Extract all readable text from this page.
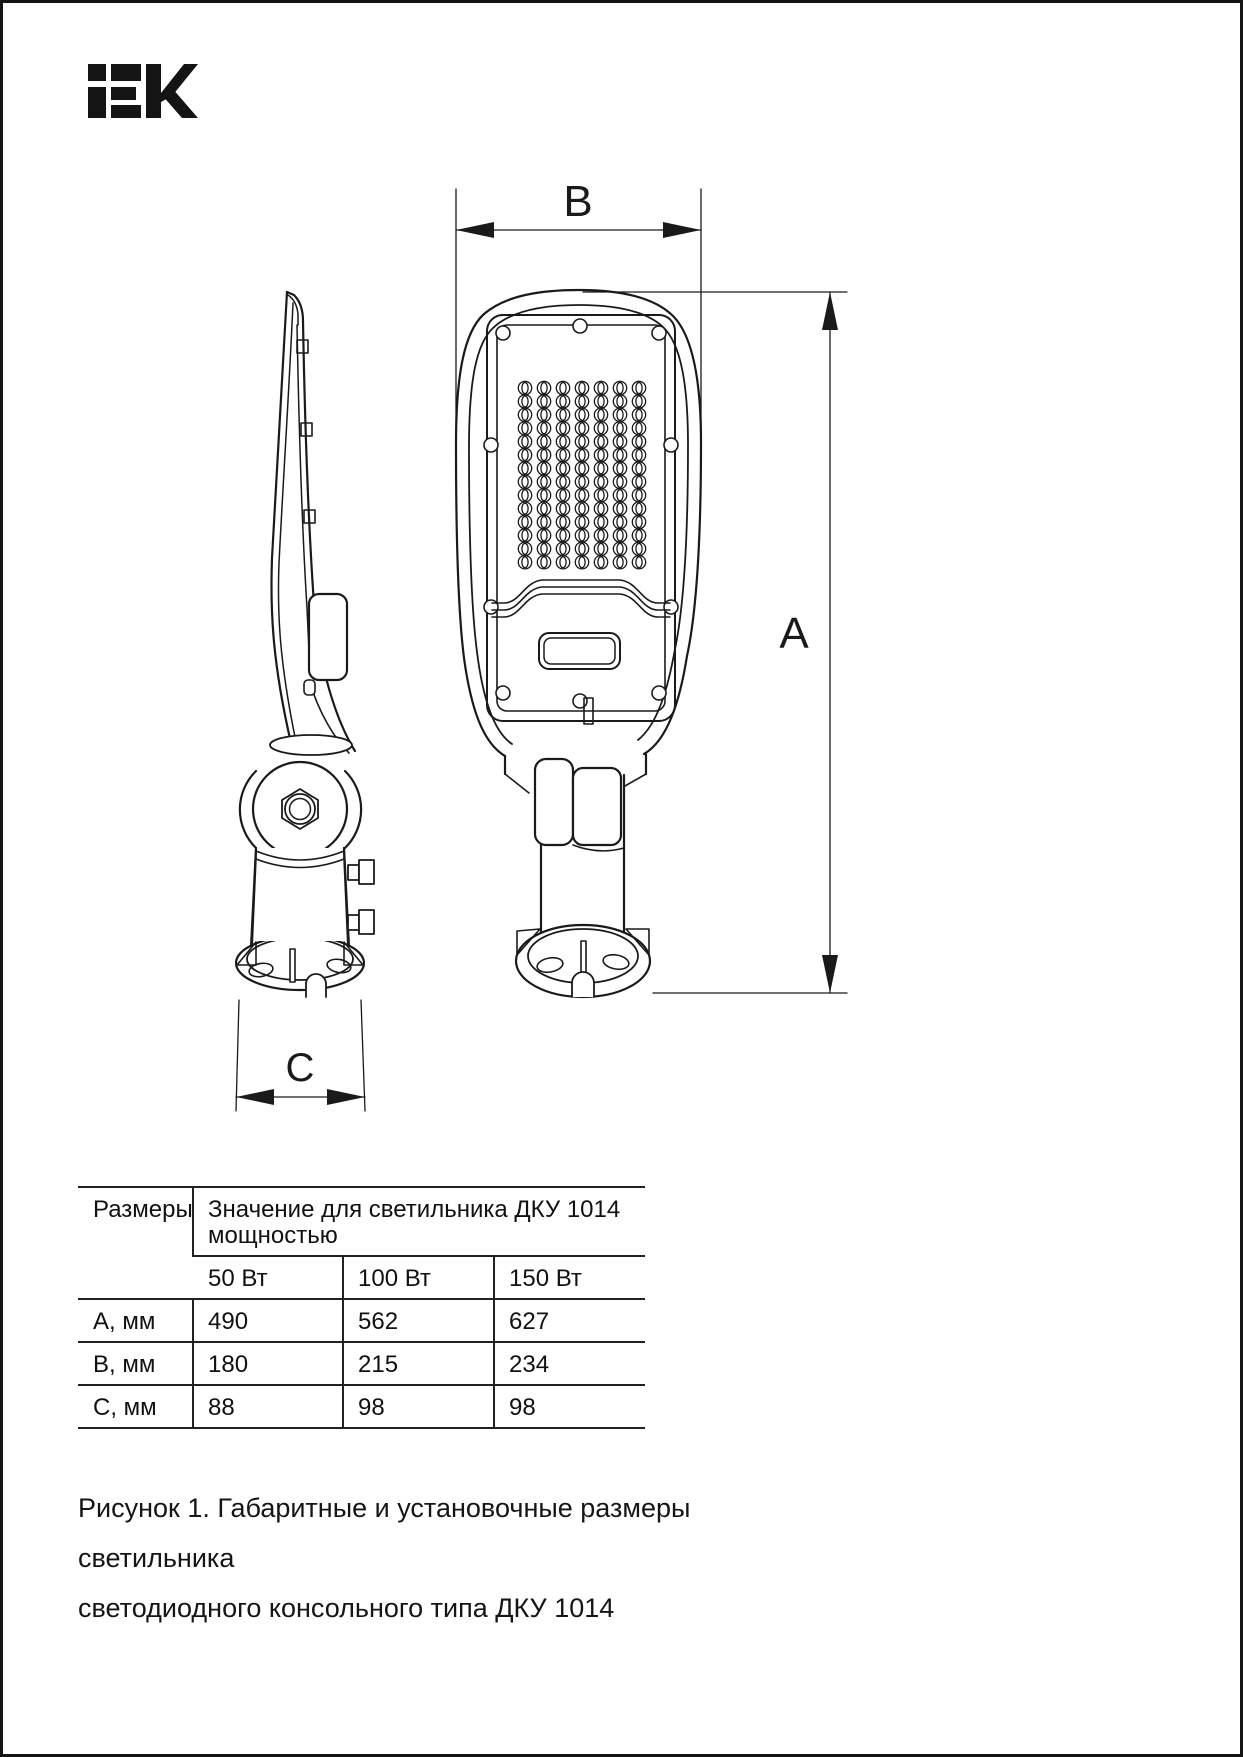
C
B
A
Размеры	Значение для светильника ДКУ 1014 мощностью		
	50 Вт	100 Вт	150 Вт
A, мм	490	562	627
B, мм	180	215	234
C, мм	88	98	98
Рисунок 1. Габаритные и установочные размеры светильника
светодиодного консольного типа ДКУ 1014
